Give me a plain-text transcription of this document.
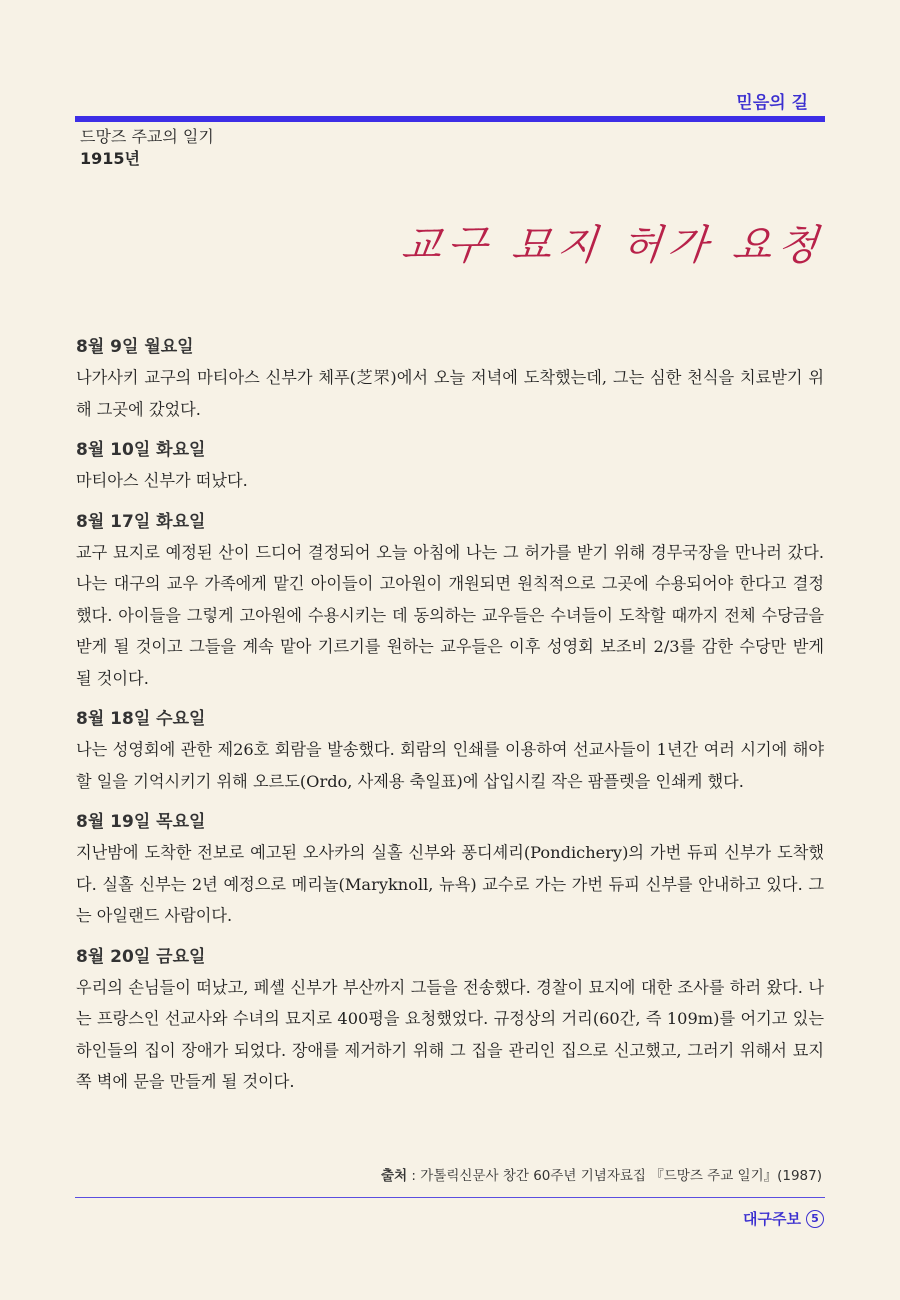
믿음의 길
드망즈 주교의 일기
1915년
교구 묘지 허가 요청
8월 9일 월요일
나가사키 교구의 마티아스 신부가 체푸(芝罘)에서 오늘 저녁에 도착했는데, 그는 심한 천식을 치료받기 위해 그곳에 갔었다.
8월 10일 화요일
마티아스 신부가 떠났다.
8월 17일 화요일
교구 묘지로 예정된 산이 드디어 결정되어 오늘 아침에 나는 그 허가를 받기 위해 경무국장을 만나러 갔다. 나는 대구의 교우 가족에게 맡긴 아이들이 고아원이 개원되면 원칙적으로 그곳에 수용되어야 한다고 결정했다. 아이들을 그렇게 고아원에 수용시키는 데 동의하는 교우들은 수녀들이 도착할 때까지 전체 수당금을 받게 될 것이고 그들을 계속 맡아 기르기를 원하는 교우들은 이후 성영회 보조비 2/3를 감한 수당만 받게 될 것이다.
8월 18일 수요일
나는 성영회에 관한 제26호 회람을 발송했다. 회람의 인쇄를 이용하여 선교사들이 1년간 여러 시기에 해야 할 일을 기억시키기 위해 오르도(Ordo, 사제용 축일표)에 삽입시킬 작은 팜플렛을 인쇄케 했다.
8월 19일 목요일
지난밤에 도착한 전보로 예고된 오사카의 실홀 신부와 퐁디셰리(Pondichery)의 가번 듀피 신부가 도착했다. 실홀 신부는 2년 예정으로 메리놀(Maryknoll, 뉴욕) 교수로 가는 가번 듀피 신부를 안내하고 있다. 그는 아일랜드 사람이다.
8월 20일 금요일
우리의 손님들이 떠났고, 페셸 신부가 부산까지 그들을 전송했다. 경찰이 묘지에 대한 조사를 하러 왔다. 나는 프랑스인 선교사와 수녀의 묘지로 400평을 요청했었다. 규정상의 거리(60간, 즉 109m)를 어기고 있는 하인들의 집이 장애가 되었다. 장애를 제거하기 위해 그 집을 관리인 집으로 신고했고, 그러기 위해서 묘지 쪽 벽에 문을 만들게 될 것이다.
출처 : 가톨릭신문사 창간 60주년 기념자료집 『드망즈 주교 일기』(1987)
대구주보 5
